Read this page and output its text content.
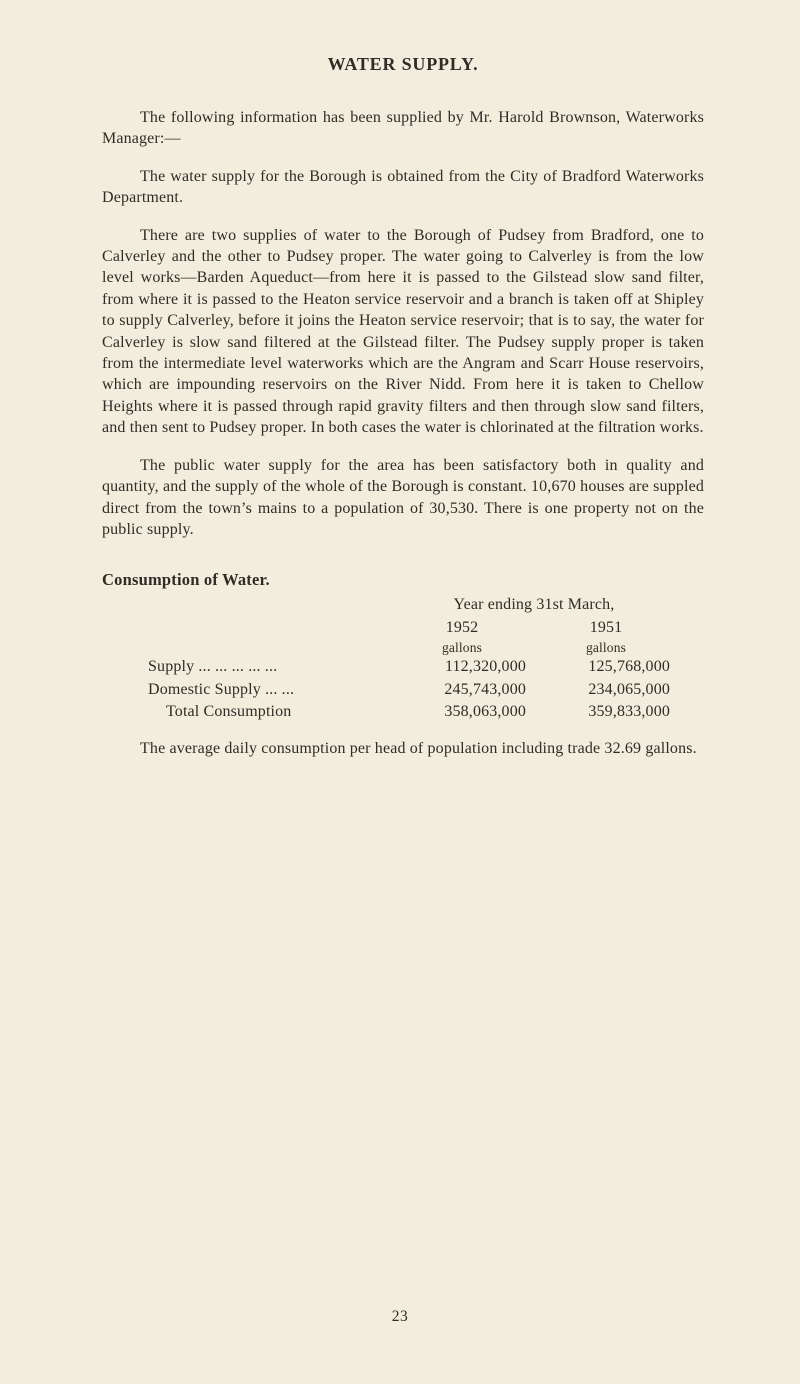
WATER SUPPLY.

The following information has been supplied by Mr. Harold Brownson, Waterworks Manager:—

The water supply for the Borough is obtained from the City of Bradford Waterworks Department.

There are two supplies of water to the Borough of Pudsey from Bradford, one to Calverley and the other to Pudsey proper. The water going to Calverley is from the low level works—Barden Aqueduct—from here it is passed to the Gilstead slow sand filter, from where it is passed to the Heaton service reservoir and a branch is taken off at Shipley to supply Calverley, before it joins the Heaton service reservoir; that is to say, the water for Calverley is slow sand filtered at the Gilstead filter. The Pudsey supply proper is taken from the intermediate level waterworks which are the Angram and Scarr House reservoirs, which are impounding reservoirs on the River Nidd. From here it is taken to Chellow Heights where it is passed through rapid gravity filters and then through slow sand filters, and then sent to Pudsey proper. In both cases the water is chlorinated at the filtration works.

The public water supply for the area has been satisfactory both in quality and quantity, and the supply of the whole of the Borough is constant. 10,670 houses are suppled direct from the town’s mains to a population of 30,530. There is one property not on the public supply.

Consumption of Water.
Year ending 31st March,
1952	1951
gallons	gallons
Supply ... ... ... ... ...	112,320,000	125,768,000
Domestic Supply ... ...	245,743,000	234,065,000
Total Consumption	358,063,000	359,833,000

The average daily consumption per head of population including trade 32.69 gallons.

23
